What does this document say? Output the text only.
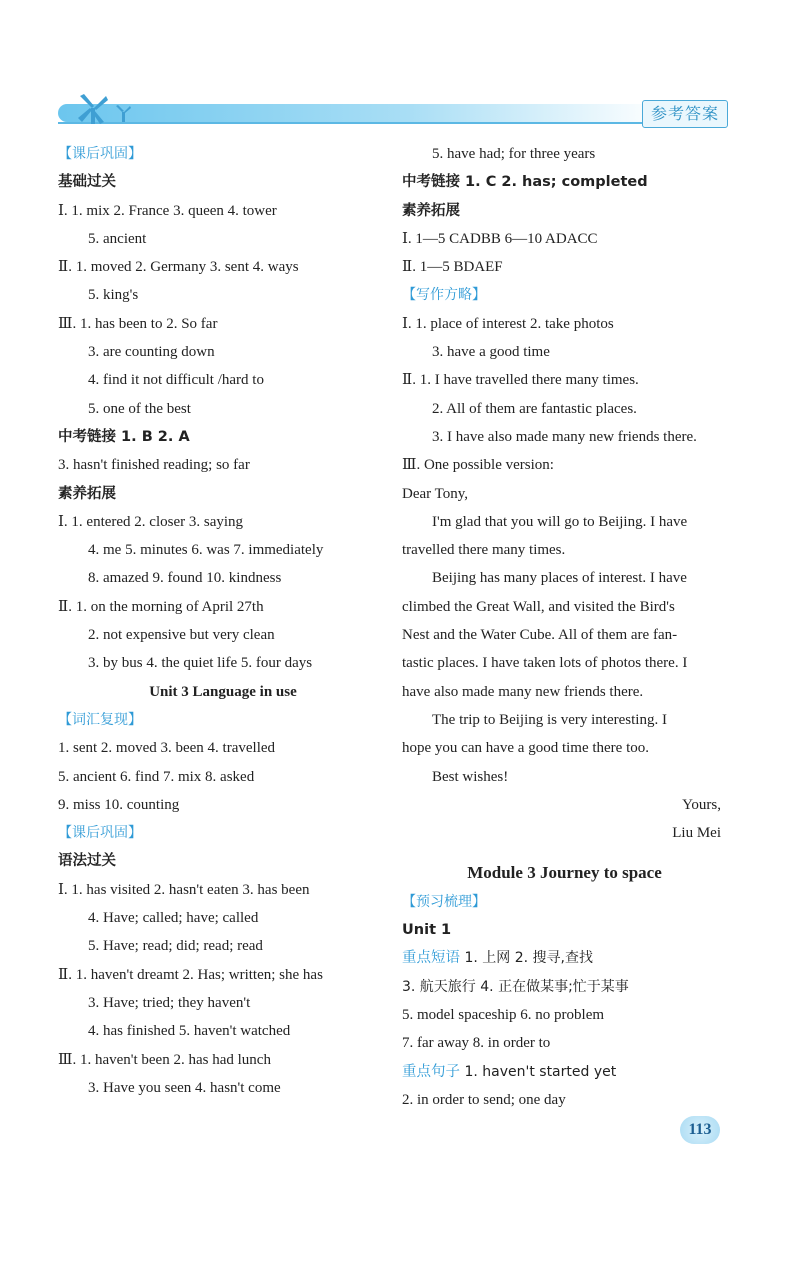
参考答案
【课后巩固】
基础过关
Ⅰ. 1. mix 2. France 3. queen 4. tower
5. ancient
Ⅱ. 1. moved 2. Germany 3. sent 4. ways
5. king's
Ⅲ. 1. has been to 2. So far
3. are counting down
4. find it not difficult /hard to
5. one of the best
中考链接 1. B 2. A
3. hasn't finished reading; so far
素养拓展
Ⅰ. 1. entered 2. closer 3. saying
4. me 5. minutes 6. was 7. immediately
8. amazed 9. found 10. kindness
Ⅱ. 1. on the morning of April 27th
2. not expensive but very clean
3. by bus 4. the quiet life 5. four days
Unit 3 Language in use
【词汇复现】
1. sent 2. moved 3. been 4. travelled
5. ancient 6. find 7. mix 8. asked
9. miss 10. counting
【课后巩固】
语法过关
Ⅰ. 1. has visited 2. hasn't eaten 3. has been
4. Have; called; have; called
5. Have; read; did; read; read
Ⅱ. 1. haven't dreamt 2. Has; written; she has
3. Have; tried; they haven't
4. has finished 5. haven't watched
Ⅲ. 1. haven't been 2. has had lunch
3. Have you seen 4. hasn't come
5. have had; for three years
中考链接 1. C 2. has; completed
素养拓展
Ⅰ. 1—5 CADBB 6—10 ADACC
Ⅱ. 1—5 BDAEF
【写作方略】
Ⅰ. 1. place of interest 2. take photos
3. have a good time
Ⅱ. 1. I have travelled there many times.
2. All of them are fantastic places.
3. I have also made many new friends there.
Ⅲ. One possible version:
Dear Tony,
I'm glad that you will go to Beijing. I have
travelled there many times.
Beijing has many places of interest. I have
climbed the Great Wall, and visited the Bird's
Nest and the Water Cube. All of them are fan-
tastic places. I have taken lots of photos there. I
have also made many new friends there.
The trip to Beijing is very interesting. I
hope you can have a good time there too.
Best wishes!
Yours,
Liu Mei
Module 3 Journey to space
【预习梳理】
Unit 1
重点短语 1. 上网 2. 搜寻,查找
3. 航天旅行 4. 正在做某事;忙于某事
5. model spaceship 6. no problem
7. far away 8. in order to
重点句子 1. haven't started yet
2. in order to send; one day
113
